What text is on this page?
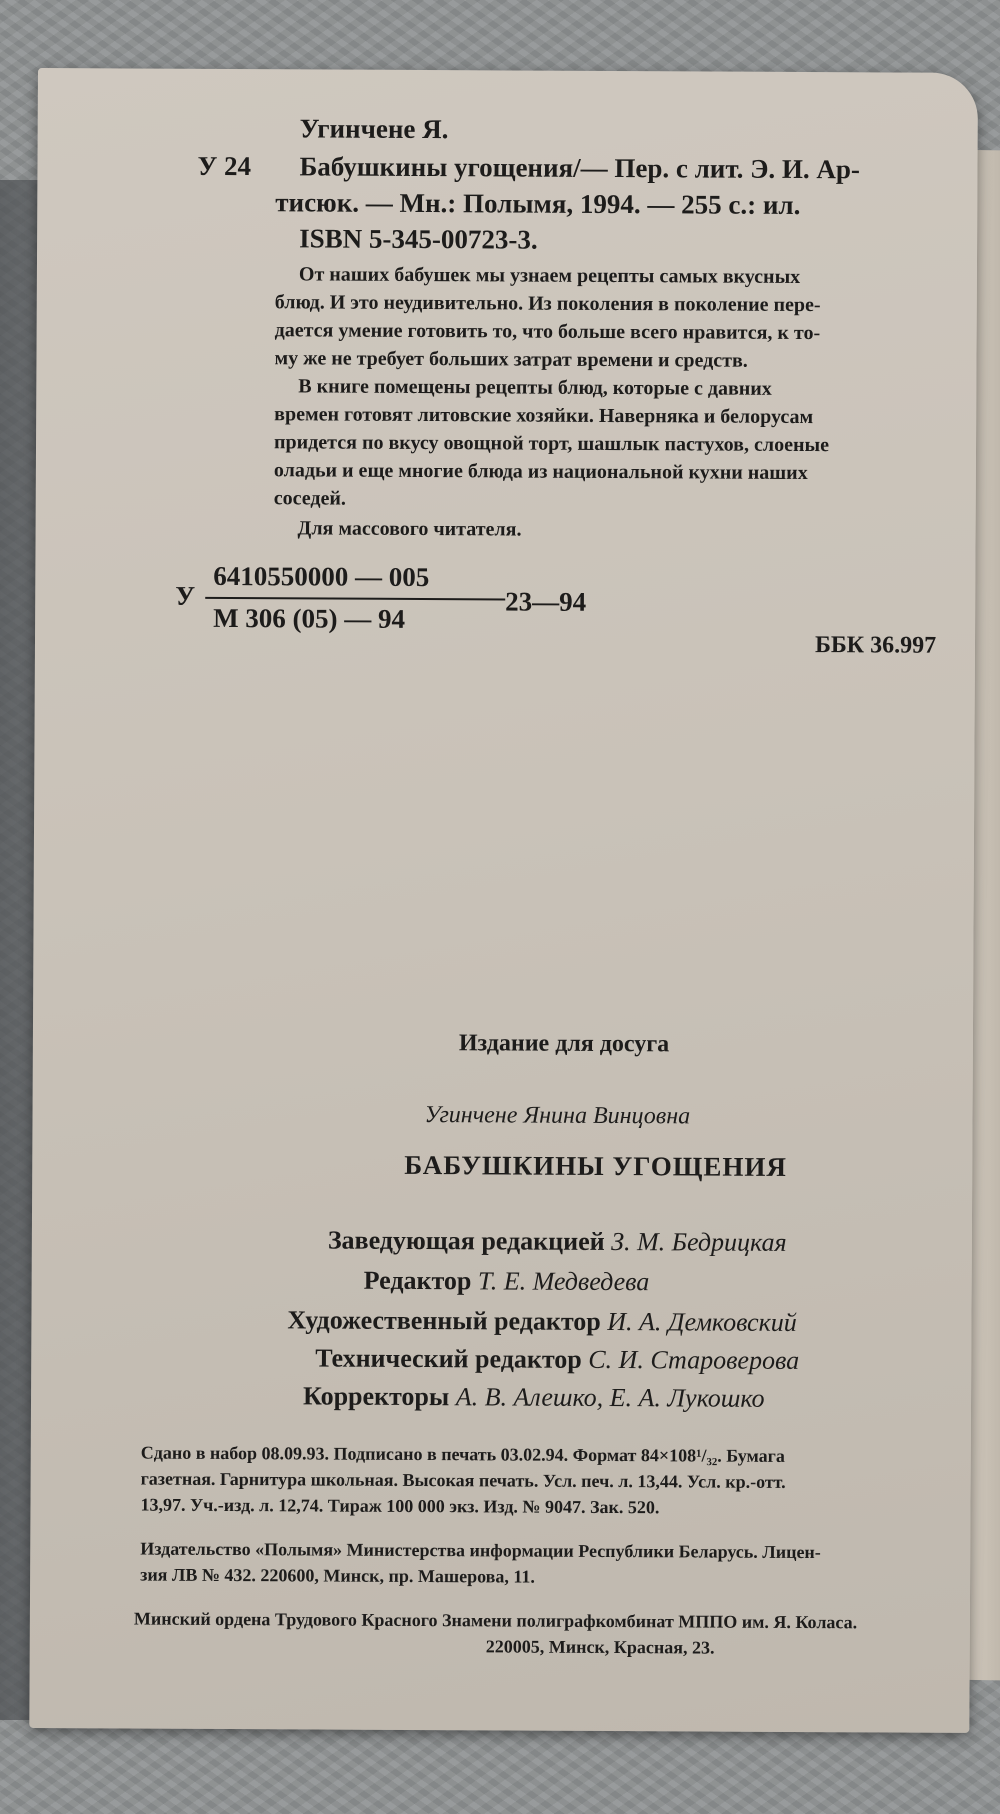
Угинчене Я.
У 24 Бабушкины угощения/— Пер. с лит. Э. И. Ар-
тисюк. — Мн.: Полымя, 1994. — 255 с.: ил.
ISBN 5-345-00723-3.
От наших бабушек мы узнаем рецепты самых вкусных
блюд. И это неудивительно. Из поколения в поколение пере-
дается умение готовить то, что больше всего нравится, к то-
му же не требует больших затрат времени и средств.
В книге помещены рецепты блюд, которые с давних
времен готовят литовские хозяйки. Наверняка и белорусам
придется по вкусу овощной торт, шашлык пастухов, слоеные
оладьи и еще многие блюда из национальной кухни наших
соседей.
Для массового читателя.
У
6410550000 — 005
М 306 (05) — 94
23—94
ББК 36.997
Издание для досуга
Угинчене Янина Винцовна
БАБУШКИНЫ УГОЩЕНИЯ
Заведующая редакцией З. М. Бедрицкая
Редактор Т. Е. Медведева
Художественный редактор И. А. Демковский
Технический редактор С. И. Староверова
Корректоры А. В. Алешко, Е. А. Лукошко
Сдано в набор 08.09.93. Подписано в печать 03.02.94. Формат 84×108¹/₃₂. Бумага
газетная. Гарнитура школьная. Высокая печать. Усл. печ. л. 13,44. Усл. кр.-отт.
13,97. Уч.-изд. л. 12,74. Тираж 100 000 экз. Изд. № 9047. Зак. 520.
Издательство «Полымя» Министерства информации Республики Беларусь. Лицен-
зия ЛВ № 432. 220600, Минск, пр. Машерова, 11.
Минский ордена Трудового Красного Знамени полиграфкомбинат МППО им. Я. Коласа.
220005, Минск, Красная, 23.
